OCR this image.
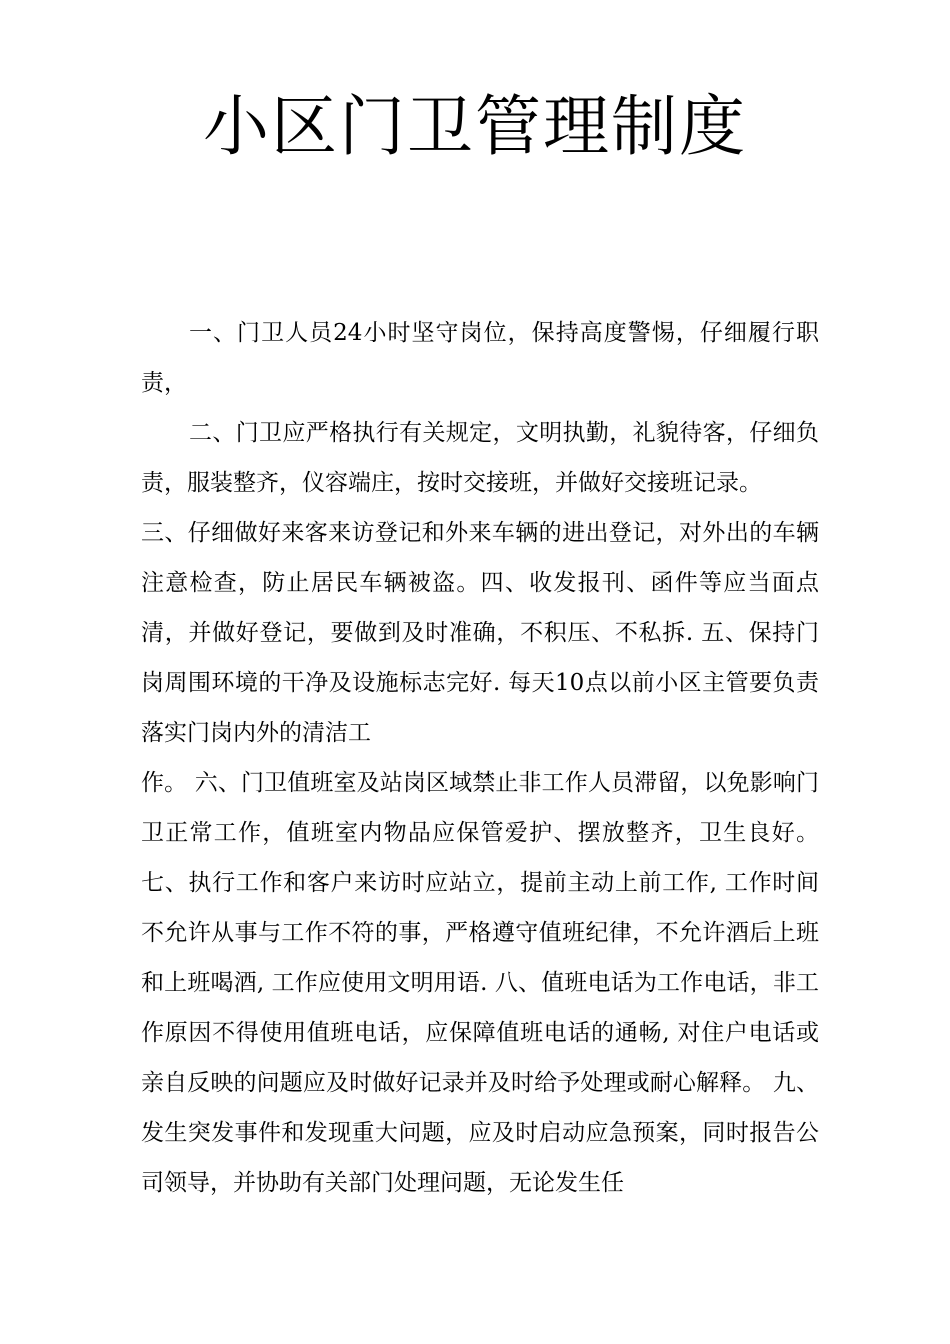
小区门卫管理制度

一、门卫人员24小时坚守岗位，保持高度警惕，仔细履行职责，

二、门卫应严格执行有关规定，文明执勤，礼貌待客，仔细负责，服装整齐，仪容端庄，按时交接班，并做好交接班记录。

三、仔细做好来客来访登记和外来车辆的进出登记，对外出的车辆注意检查，防止居民车辆被盗。四、收发报刊、函件等应当面点清，并做好登记，要做到及时准确，不积压、不私拆. 五、保持门岗周围环境的干净及设施标志完好. 每天10点以前小区主管要负责落实门岗内外的清洁工

作。 六、门卫值班室及站岗区域禁止非工作人员滞留，以免影响门卫正常工作，值班室内物品应保管爱护、摆放整齐，卫生良好。 七、执行工作和客户来访时应站立，提前主动上前工作, 工作时间不允许从事与工作不符的事，严格遵守值班纪律，不允许酒后上班和上班喝酒, 工作应使用文明用语. 八、值班电话为工作电话，非工作原因不得使用值班电话，应保障值班电话的通畅, 对住户电话或亲自反映的问题应及时做好记录并及时给予处理或耐心解释。 九、发生突发事件和发现重大问题，应及时启动应急预案，同时报告公司领导，并协助有关部门处理问题，无论发生任
